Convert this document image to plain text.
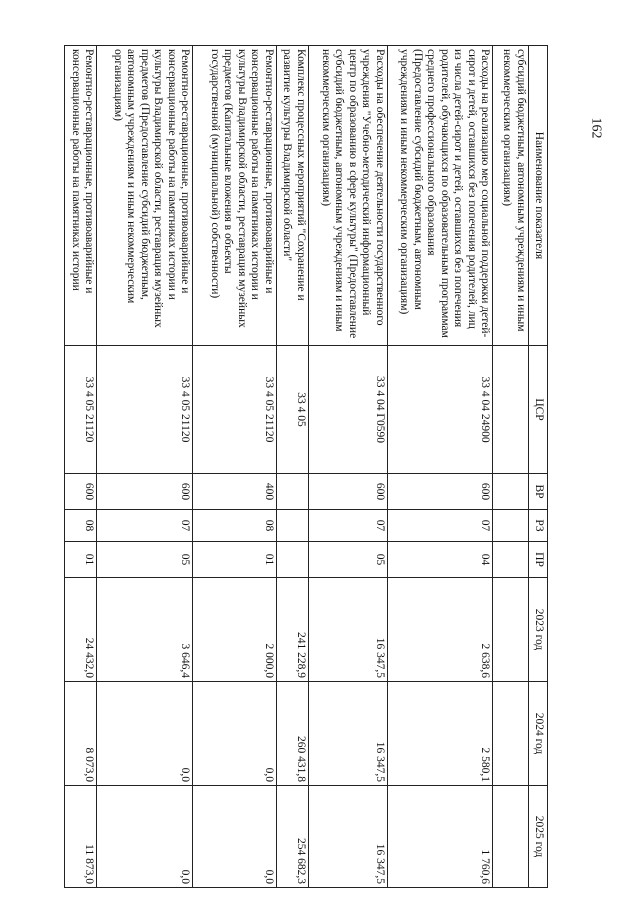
162
Наименование показателя	ЦСР	ВР	РЗ	ПР	2023 год	2024 год	2025 год
субсидий бюджетным, автономным учреждениям и иным некоммерческим организациям)							
Расходы на реализацию мер социальной поддержки детей-сирот и детей, оставшихся без попечения родителей, лиц из числа детей-сирот и детей, оставшихся без попечения родителей, обучающихся по образовательным программам среднего профессионального образования (Предоставление субсидий бюджетным, автономным учреждениям и иным некоммерческим организациям)	33 4 04 24900	600	07	04	2 638,6	2 580,1	1 760,6
Расходы на обеспечение деятельности государственного учреждения "Учебно-методический информационный центр по образованию в сфере культуры" (Предоставление субсидий бюджетным, автономным учреждениям и иным некоммерческим организациям)	33 4 04 Г0590	600	07	05	16 347,5	16 347,5	16 347,5
Комплекс процессных мероприятий "Сохранение и развитие культуры Владимирской области"	33 4 05				241 228,9	260 431,8	254 682,3
Ремонтно-реставрационные, противоаварийные и консервационные работы на памятниках истории и культуры Владимирской области, реставрация музейных предметов (Капитальные вложения в объекты государственной (муниципальной) собственности)	33 4 05 21120	400	08	01	2 000,0	0,0	0,0
Ремонтно-реставрационные, противоаварийные и консервационные работы на памятниках истории и культуры Владимирской области, реставрация музейных предметов (Предоставление субсидий бюджетным, автономным учреждениям и иным некоммерческим организациям)	33 4 05 21120	600	07	05	3 646,4	0,0	0,0
Ремонтно-реставрационные, противоаварийные и консервационные работы на памятниках истории	33 4 05 21120	600	08	01	24 432,0	8 073,0	11 873,0
